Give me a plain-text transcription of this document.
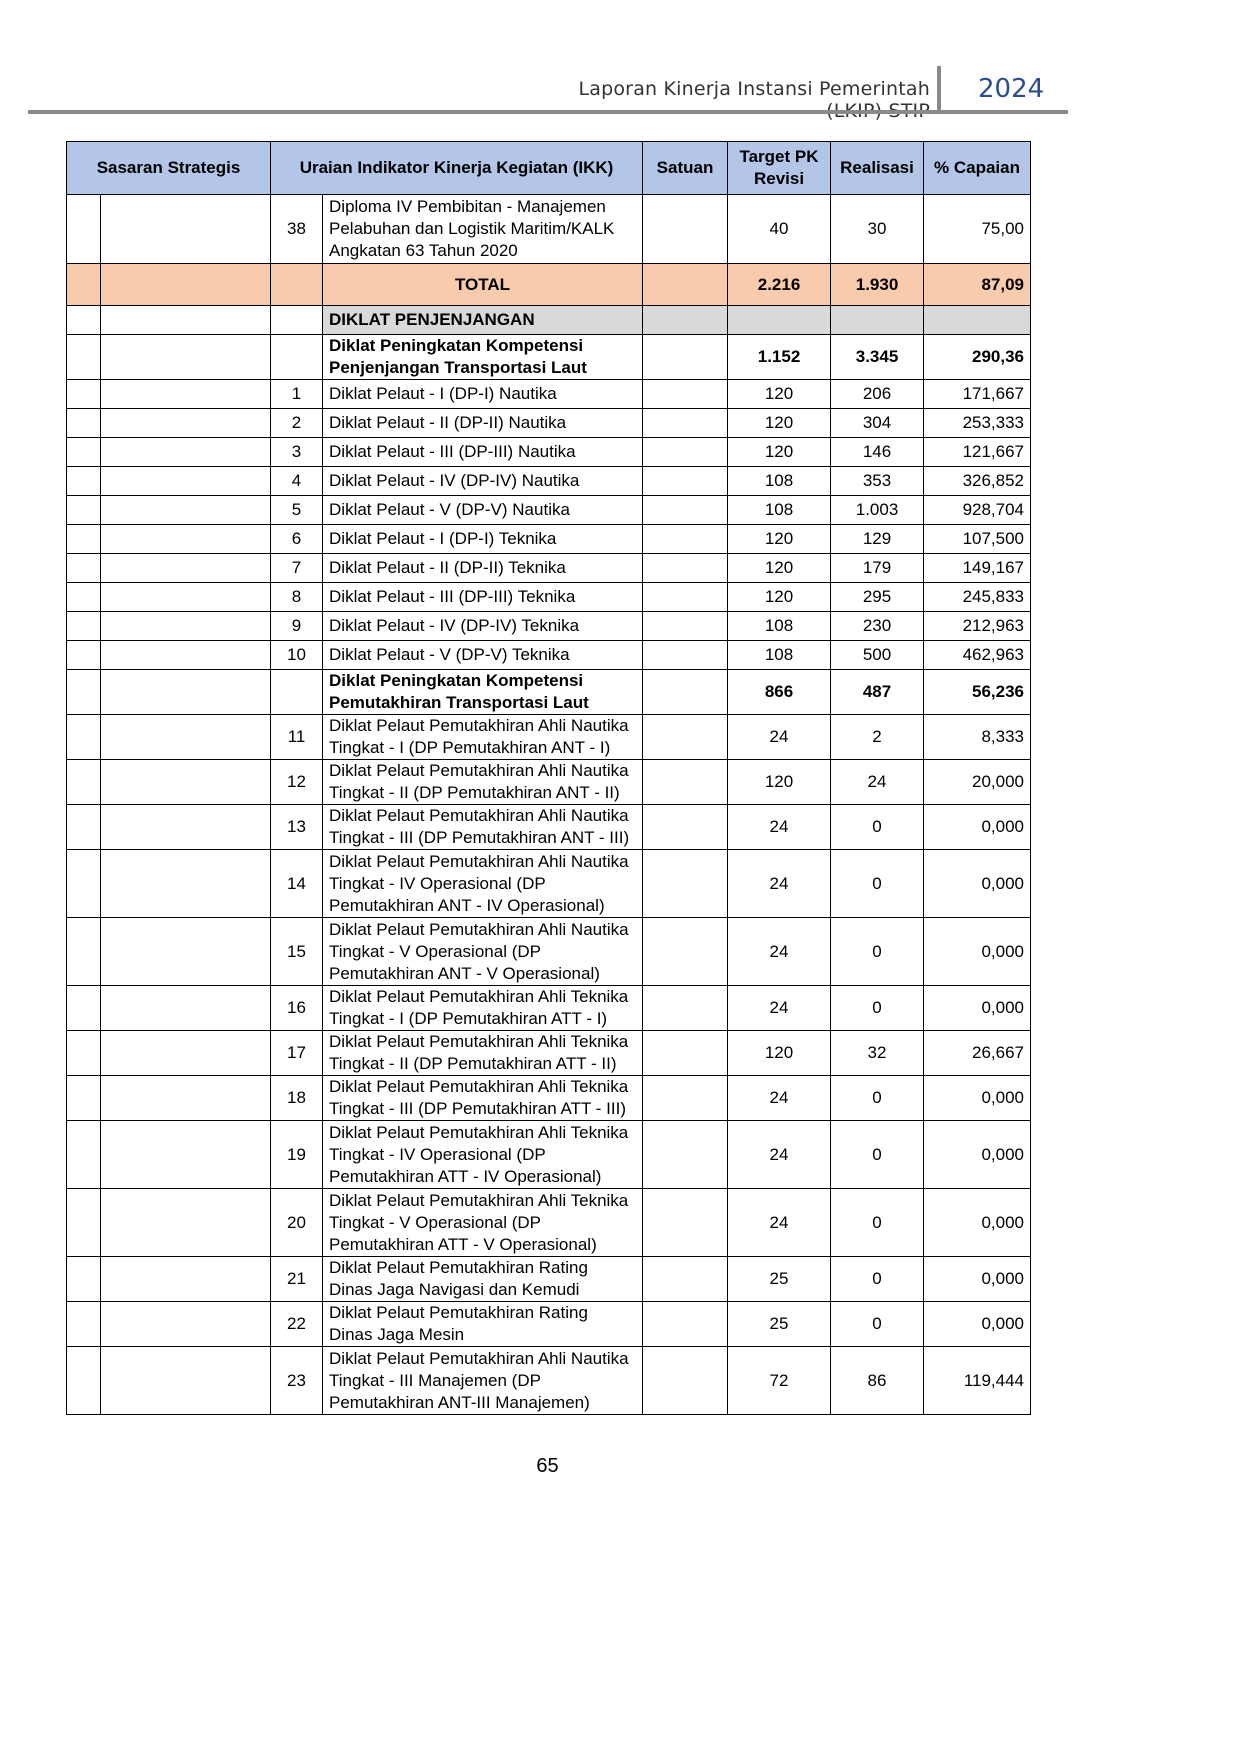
Laporan Kinerja Instansi Pemerintah 2024
Sasaran Strategis		Uraian Indikator Kinerja Kegiatan (IKK)		Satuan	Target PK Revisi	Realisasi	% Capaian
		38	Diploma IV Pembibitan - Manajemen Pelabuhan dan Logistik Maritim/KALK Angkatan 63 Tahun 2020		40	30	75,00
			TOTAL		2.216	1.930	87,09
			DIKLAT PENJENJANGAN				
			Diklat Peningkatan Kompetensi Penjenjangan Transportasi Laut		1.152	3.345	290,36
		1	Diklat Pelaut - I (DP-I) Nautika		120	206	171,667
		2	Diklat Pelaut - II (DP-II) Nautika		120	304	253,333
		3	Diklat Pelaut - III (DP-III) Nautika		120	146	121,667
		4	Diklat Pelaut - IV (DP-IV) Nautika		108	353	326,852
		5	Diklat Pelaut - V (DP-V) Nautika		108	1.003	928,704
		6	Diklat Pelaut - I (DP-I) Teknika		120	129	107,500
		7	Diklat Pelaut - II (DP-II) Teknika		120	179	149,167
		8	Diklat Pelaut - III (DP-III) Teknika		120	295	245,833
		9	Diklat Pelaut - IV (DP-IV) Teknika		108	230	212,963
		10	Diklat Pelaut - V (DP-V) Teknika		108	500	462,963
			Diklat Peningkatan Kompetensi Pemutakhiran Transportasi Laut		866	487	56,236
		11	Diklat Pelaut Pemutakhiran Ahli Nautika Tingkat - I (DP Pemutakhiran ANT - I)		24	2	8,333
		12	Diklat Pelaut Pemutakhiran Ahli Nautika Tingkat - II (DP Pemutakhiran ANT - II)		120	24	20,000
		13	Diklat Pelaut Pemutakhiran Ahli Nautika Tingkat - III (DP Pemutakhiran ANT - III)		24	0	0,000
		14	Diklat Pelaut Pemutakhiran Ahli Nautika Tingkat - IV Operasional (DP Pemutakhiran ANT - IV Operasional)		24	0	0,000
		15	Diklat Pelaut Pemutakhiran Ahli Nautika Tingkat - V Operasional (DP Pemutakhiran ANT - V Operasional)		24	0	0,000
		16	Diklat Pelaut Pemutakhiran Ahli Teknika Tingkat - I (DP Pemutakhiran ATT - I)		24	0	0,000
		17	Diklat Pelaut Pemutakhiran Ahli Teknika Tingkat - II (DP Pemutakhiran ATT - II)		120	32	26,667
		18	Diklat Pelaut Pemutakhiran Ahli Teknika Tingkat - III (DP Pemutakhiran ATT - III)		24	0	0,000
		19	Diklat Pelaut Pemutakhiran Ahli Teknika Tingkat - IV Operasional (DP Pemutakhiran ATT - IV Operasional)		24	0	0,000
		20	Diklat Pelaut Pemutakhiran Ahli Teknika Tingkat - V Operasional (DP Pemutakhiran ATT - V Operasional)		24	0	0,000
		21	Diklat Pelaut Pemutakhiran Rating Dinas Jaga Navigasi dan Kemudi		25	0	0,000
		22	Diklat Pelaut Pemutakhiran Rating Dinas Jaga Mesin		25	0	0,000
		23	Diklat Pelaut Pemutakhiran Ahli Nautika Tingkat - III Manajemen (DP Pemutakhiran ANT-III Manajemen)		72	86	119,444
65
